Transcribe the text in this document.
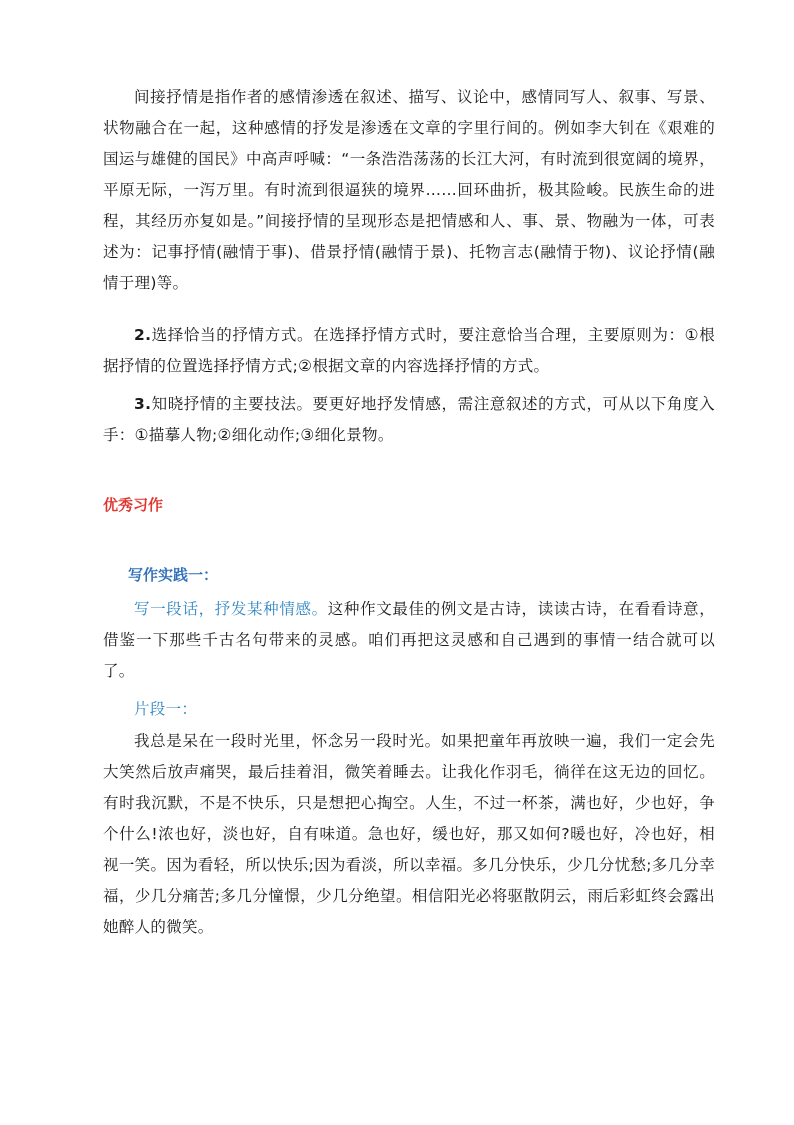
间接抒情是指作者的感情渗透在叙述、描写、议论中，感情同写人、叙事、写景、状物融合在一起，这种感情的抒发是渗透在文章的字里行间的。例如李大钊在《艰难的国运与雄健的国民》中高声呼喊：“一条浩浩荡荡的长江大河，有时流到很宽阔的境界，平原无际，一泻万里。有时流到很逼狭的境界……回环曲折，极其险峻。民族生命的进程，其经历亦复如是。”间接抒情的呈现形态是把情感和人、事、景、物融为一体，可表述为：记事抒情(融情于事)、借景抒情(融情于景)、托物言志(融情于物)、议论抒情(融情于理)等。

2.选择恰当的抒情方式。在选择抒情方式时，要注意恰当合理，主要原则为：①根据抒情的位置选择抒情方式;②根据文章的内容选择抒情的方式。

3.知晓抒情的主要技法。要更好地抒发情感，需注意叙述的方式，可从以下角度入手：①描摹人物;②细化动作;③细化景物。

优秀习作
写作实践一：

写一段话，抒发某种情感。这种作文最佳的例文是古诗，读读古诗，在看看诗意，借鉴一下那些千古名句带来的灵感。咱们再把这灵感和自己遇到的事情一结合就可以了。

片段一：

我总是呆在一段时光里，怀念另一段时光。如果把童年再放映一遍，我们一定会先大笑然后放声痛哭，最后挂着泪，微笑着睡去。让我化作羽毛，徜徉在这无边的回忆。有时我沉默，不是不快乐，只是想把心掏空。人生，不过一杯茶，满也好，少也好，争个什么!浓也好，淡也好，自有味道。急也好，缓也好，那又如何?暖也好，冷也好，相视一笑。因为看轻，所以快乐;因为看淡，所以幸福。多几分快乐，少几分忧愁;多几分幸福，少几分痛苦;多几分憧憬，少几分绝望。相信阳光必将驱散阴云，雨后彩虹终会露出她醉人的微笑。
